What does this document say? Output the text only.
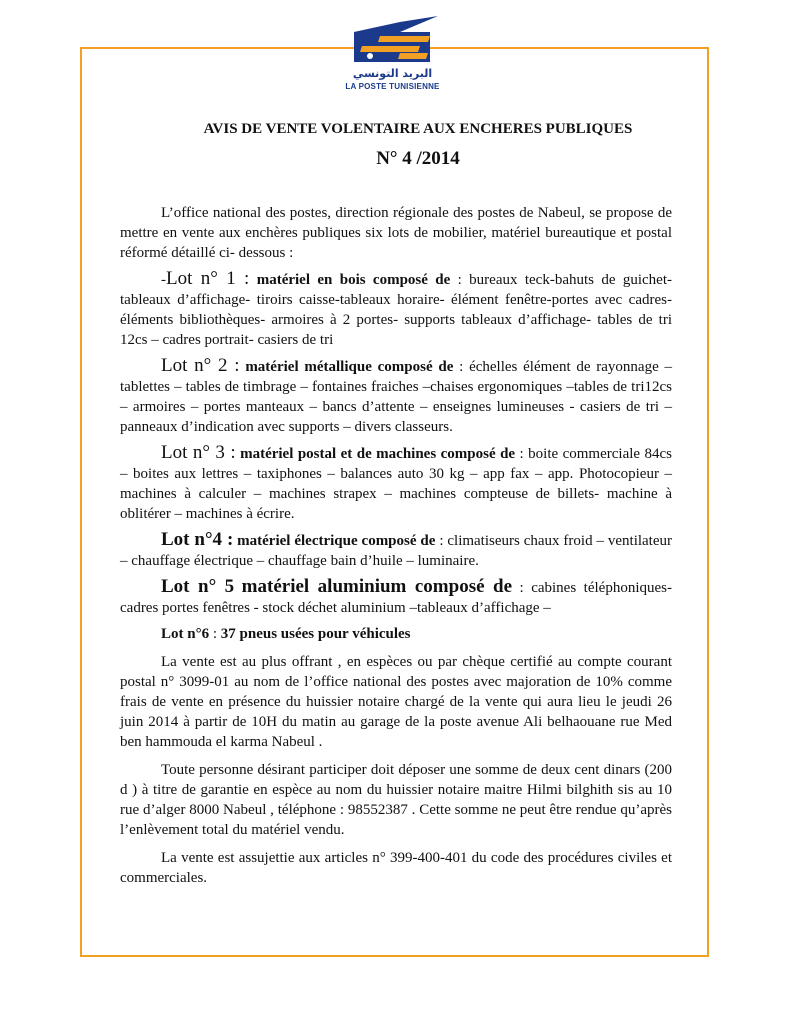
البريد التونسي
LA POSTE TUNISIENNE
AVIS DE VENTE VOLENTAIRE AUX ENCHERES PUBLIQUES
N° 4 /2014

L’office national des postes, direction régionale des postes de Nabeul, se propose de mettre en vente aux enchères publiques six lots de mobilier, matériel bureautique et postal réformé détaillé ci- dessous :

-Lot n° 1 : matériel en bois composé de : bureaux teck-bahuts de guichet-tableaux d’affichage- tiroirs caisse-tableaux horaire- élément fenêtre-portes avec cadres- éléments bibliothèques- armoires à 2 portes- supports tableaux d’affichage- tables de tri 12cs – cadres portrait- casiers de tri

Lot n° 2 : matériel métallique composé de : échelles élément de rayonnage –tablettes – tables de timbrage – fontaines fraiches –chaises ergonomiques –tables de tri12cs – armoires – portes manteaux – bancs d’attente – enseignes lumineuses - casiers de tri – panneaux d’indication avec supports – divers classeurs.

Lot n° 3 : matériel postal et de machines composé de : boite commerciale 84cs – boites aux lettres – taxiphones – balances auto 30 kg – app fax – app. Photocopieur – machines à calculer – machines strapex – machines compteuse de billets- machine à oblitérer – machines à écrire.

Lot n°4 : matériel électrique composé de : climatiseurs chaux froid – ventilateur – chauffage électrique – chauffage bain d’huile – luminaire.

Lot n° 5 matériel aluminium composé de : cabines téléphoniques-cadres portes fenêtres - stock déchet aluminium –tableaux d’affichage –

Lot n°6 : 37 pneus usées pour véhicules

La vente est au plus offrant , en espèces ou par chèque certifié au compte courant postal n° 3099-01 au nom de l’office national des postes avec majoration de 10% comme frais de vente en présence du huissier notaire chargé de la vente qui aura lieu le jeudi 26 juin 2014 à partir de 10H du matin au garage de la poste avenue Ali belhaouane rue Med ben hammouda el karma Nabeul .

Toute personne désirant participer doit déposer une somme de deux cent dinars (200 d ) à titre de garantie en espèce au nom du huissier notaire maitre Hilmi bilghith sis au 10 rue d’alger 8000 Nabeul , téléphone : 98552387 . Cette somme ne peut être rendue qu’après l’enlèvement total du matériel vendu.

La vente est assujettie aux articles n° 399-400-401 du code des procédures civiles et commerciales.
